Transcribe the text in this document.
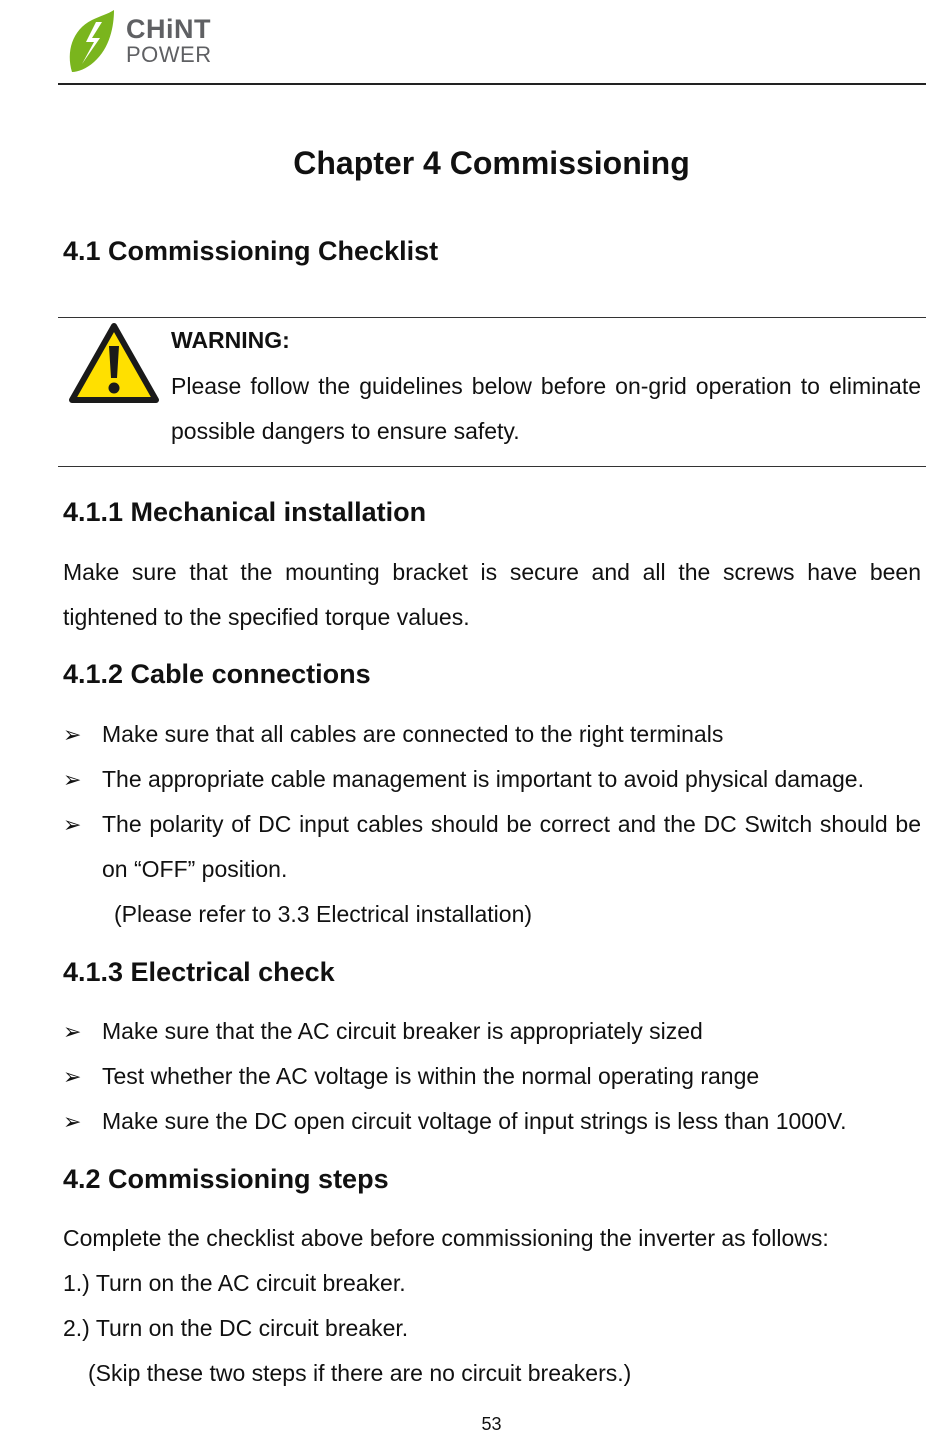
CHiNT
POWER
Chapter 4 Commissioning
4.1 Commissioning Checklist
WARNING:
Please follow the guidelines below before on-grid operation to eliminate possible dangers to ensure safety.
4.1.1 Mechanical installation
Make sure that the mounting bracket is secure and all the screws have been tightened to the specified torque values.
4.1.2 Cable connections
➢ Make sure that all cables are connected to the right terminals
➢ The appropriate cable management is important to avoid physical damage.
➢ The polarity of DC input cables should be correct and the DC Switch should be on “OFF” position.
(Please refer to 3.3 Electrical installation)
4.1.3 Electrical check
➢ Make sure that the AC circuit breaker is appropriately sized
➢ Test whether the AC voltage is within the normal operating range
➢ Make sure the DC open circuit voltage of input strings is less than 1000V.
4.2 Commissioning steps
Complete the checklist above before commissioning the inverter as follows:
1.) Turn on the AC circuit breaker.
2.) Turn on the DC circuit breaker.
(Skip these two steps if there are no circuit breakers.)
53
